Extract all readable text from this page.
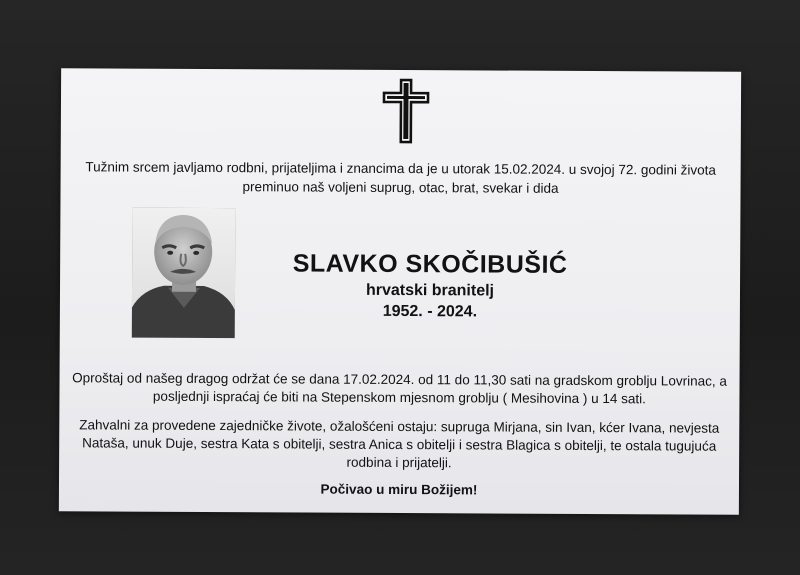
Tužnim srcem javljamo rodbni, prijateljima i znancima da je u utorak 15.02.2024. u svojoj 72. godini života

preminuo naš voljeni suprug, otac, brat, svekar i dida

SLAVKO SKOČIBUŠIĆ
hrvatski branitelj
1952. - 2024.

Oproštaj od našeg dragog održat će se dana 17.02.2024. od 11 do 11,30 sati na gradskom groblju Lovrinac, a

posljednji ispraćaj će biti na Stepenskom mjesnom groblju ( Mesihovina ) u 14 sati.

Zahvalni za provedene zajedničke živote, ožalošćeni ostaju: supruga Mirjana, sin Ivan, kćer Ivana, nevjesta

Nataša, unuk Duje, sestra Kata s obitelji, sestra Anica s obitelji i sestra Blagica s obitelji, te ostala tugujuća

rodbina i prijatelji.

Počivao u miru Božijem!
